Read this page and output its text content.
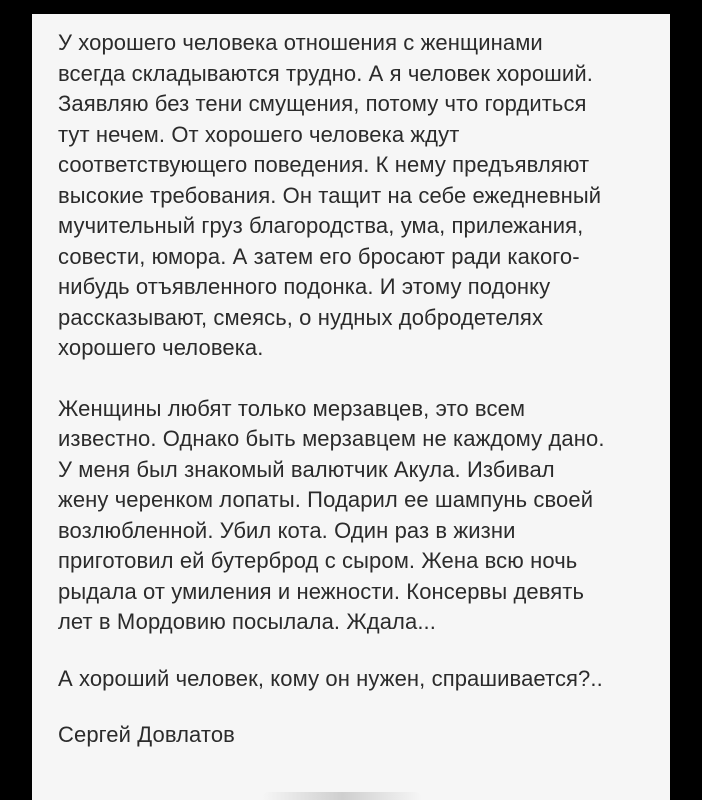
У хорошего человека отношения с женщинами
всегда складываются трудно. А я человек хороший.
Заявляю без тени смущения, потому что гордиться
тут нечем. От хорошего человека ждут
соответствующего поведения. К нему предъявляют
высокие требования. Он тащит на себе ежедневный
мучительный груз благородства, ума, прилежания,
совести, юмора. А затем его бросают ради какого-
нибудь отъявленного подонка. И этому подонку
рассказывают, смеясь, о нудных добродетелях
хорошего человека.
Женщины любят только мерзавцев, это всем
известно. Однако быть мерзавцем не каждому дано.
У меня был знакомый валютчик Акула. Избивал
жену черенком лопаты. Подарил ее шампунь своей
возлюбленной. Убил кота. Один раз в жизни
приготовил ей бутерброд с сыром. Жена всю ночь
рыдала от умиления и нежности. Консервы девять
лет в Мордовию посылала. Ждала...
А хороший человек, кому он нужен, спрашивается?..
Сергей Довлатов
